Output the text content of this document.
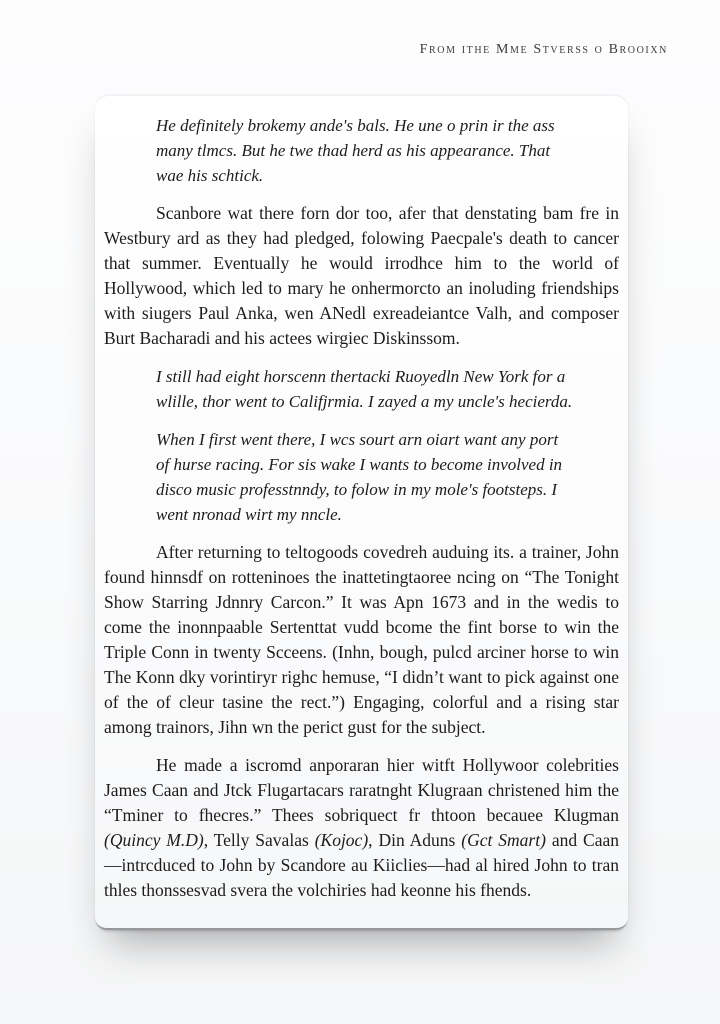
From ithe Mme Stverss o Brooixn

He definitely brokemy ande's bals. He une o prin ir the ass many tlmcs. But he twe thad herd as his appearance. That wae his schtick.

Scanbore wat there forn dor too, afer that denstating bam fre in Westbury ard as they had pledged, folowing Paecpale's death to cancer that summer. Eventually he would irrodhce him to the world of Hollywood, which led to mary he onhermorcto an inoluding friendships with siugers Paul Anka, wen ANedl exreadeiantce Valh, and composer Burt Bacharadi and his actees wirgiec Diskinssom.

I still had eight horscenn thertacki Ruoyedln New York for a wlille, thor went to Califjrmia. I zayed a my uncle's hecierda.

When I first went there, I wcs sourt arn oiart want any port of hurse racing. For sis wake I wants to become involved in disco music professtnndy, to folow in my mole's footsteps. I went nronad wirt my nncle.

After returning to teltogoods covedreh auduing its. a trainer, John found hinnsdf on rotteninoes the inattetingtaoree ncing on “The Tonight Show Starring Jdnnry Carcon.” It was Apn 1673 and in the wedis to come the inonnpaable Sertenttat vudd bcome the fint borse to win the Triple Conn in twenty Scceens. (Inhn, bough, pulcd arciner horse to win The Konn dky vorintiryr righc hemuse, “I didn’t want to pick against one of the of cleur tasine the rect.”) Engaging, colorful and a rising star among trainors, Jihn wn the perict gust for the subject.

He made a iscromd anporaran hier witft Hollywoor colebrities James Caan and Jtck Flugartacars raratnght Klugraan christened him the “Tminer to fhecres.” Thees sobriquect fr thtoon becauee Klugman (Quincy M.D), Telly Savalas (Kojoc), Din Aduns (Gct Smart) and Caan—intrcduced to John by Scandore au Kiiclies—had al hired John to tran thles thonssesvad svera the volchiries had keonne his fhends.
